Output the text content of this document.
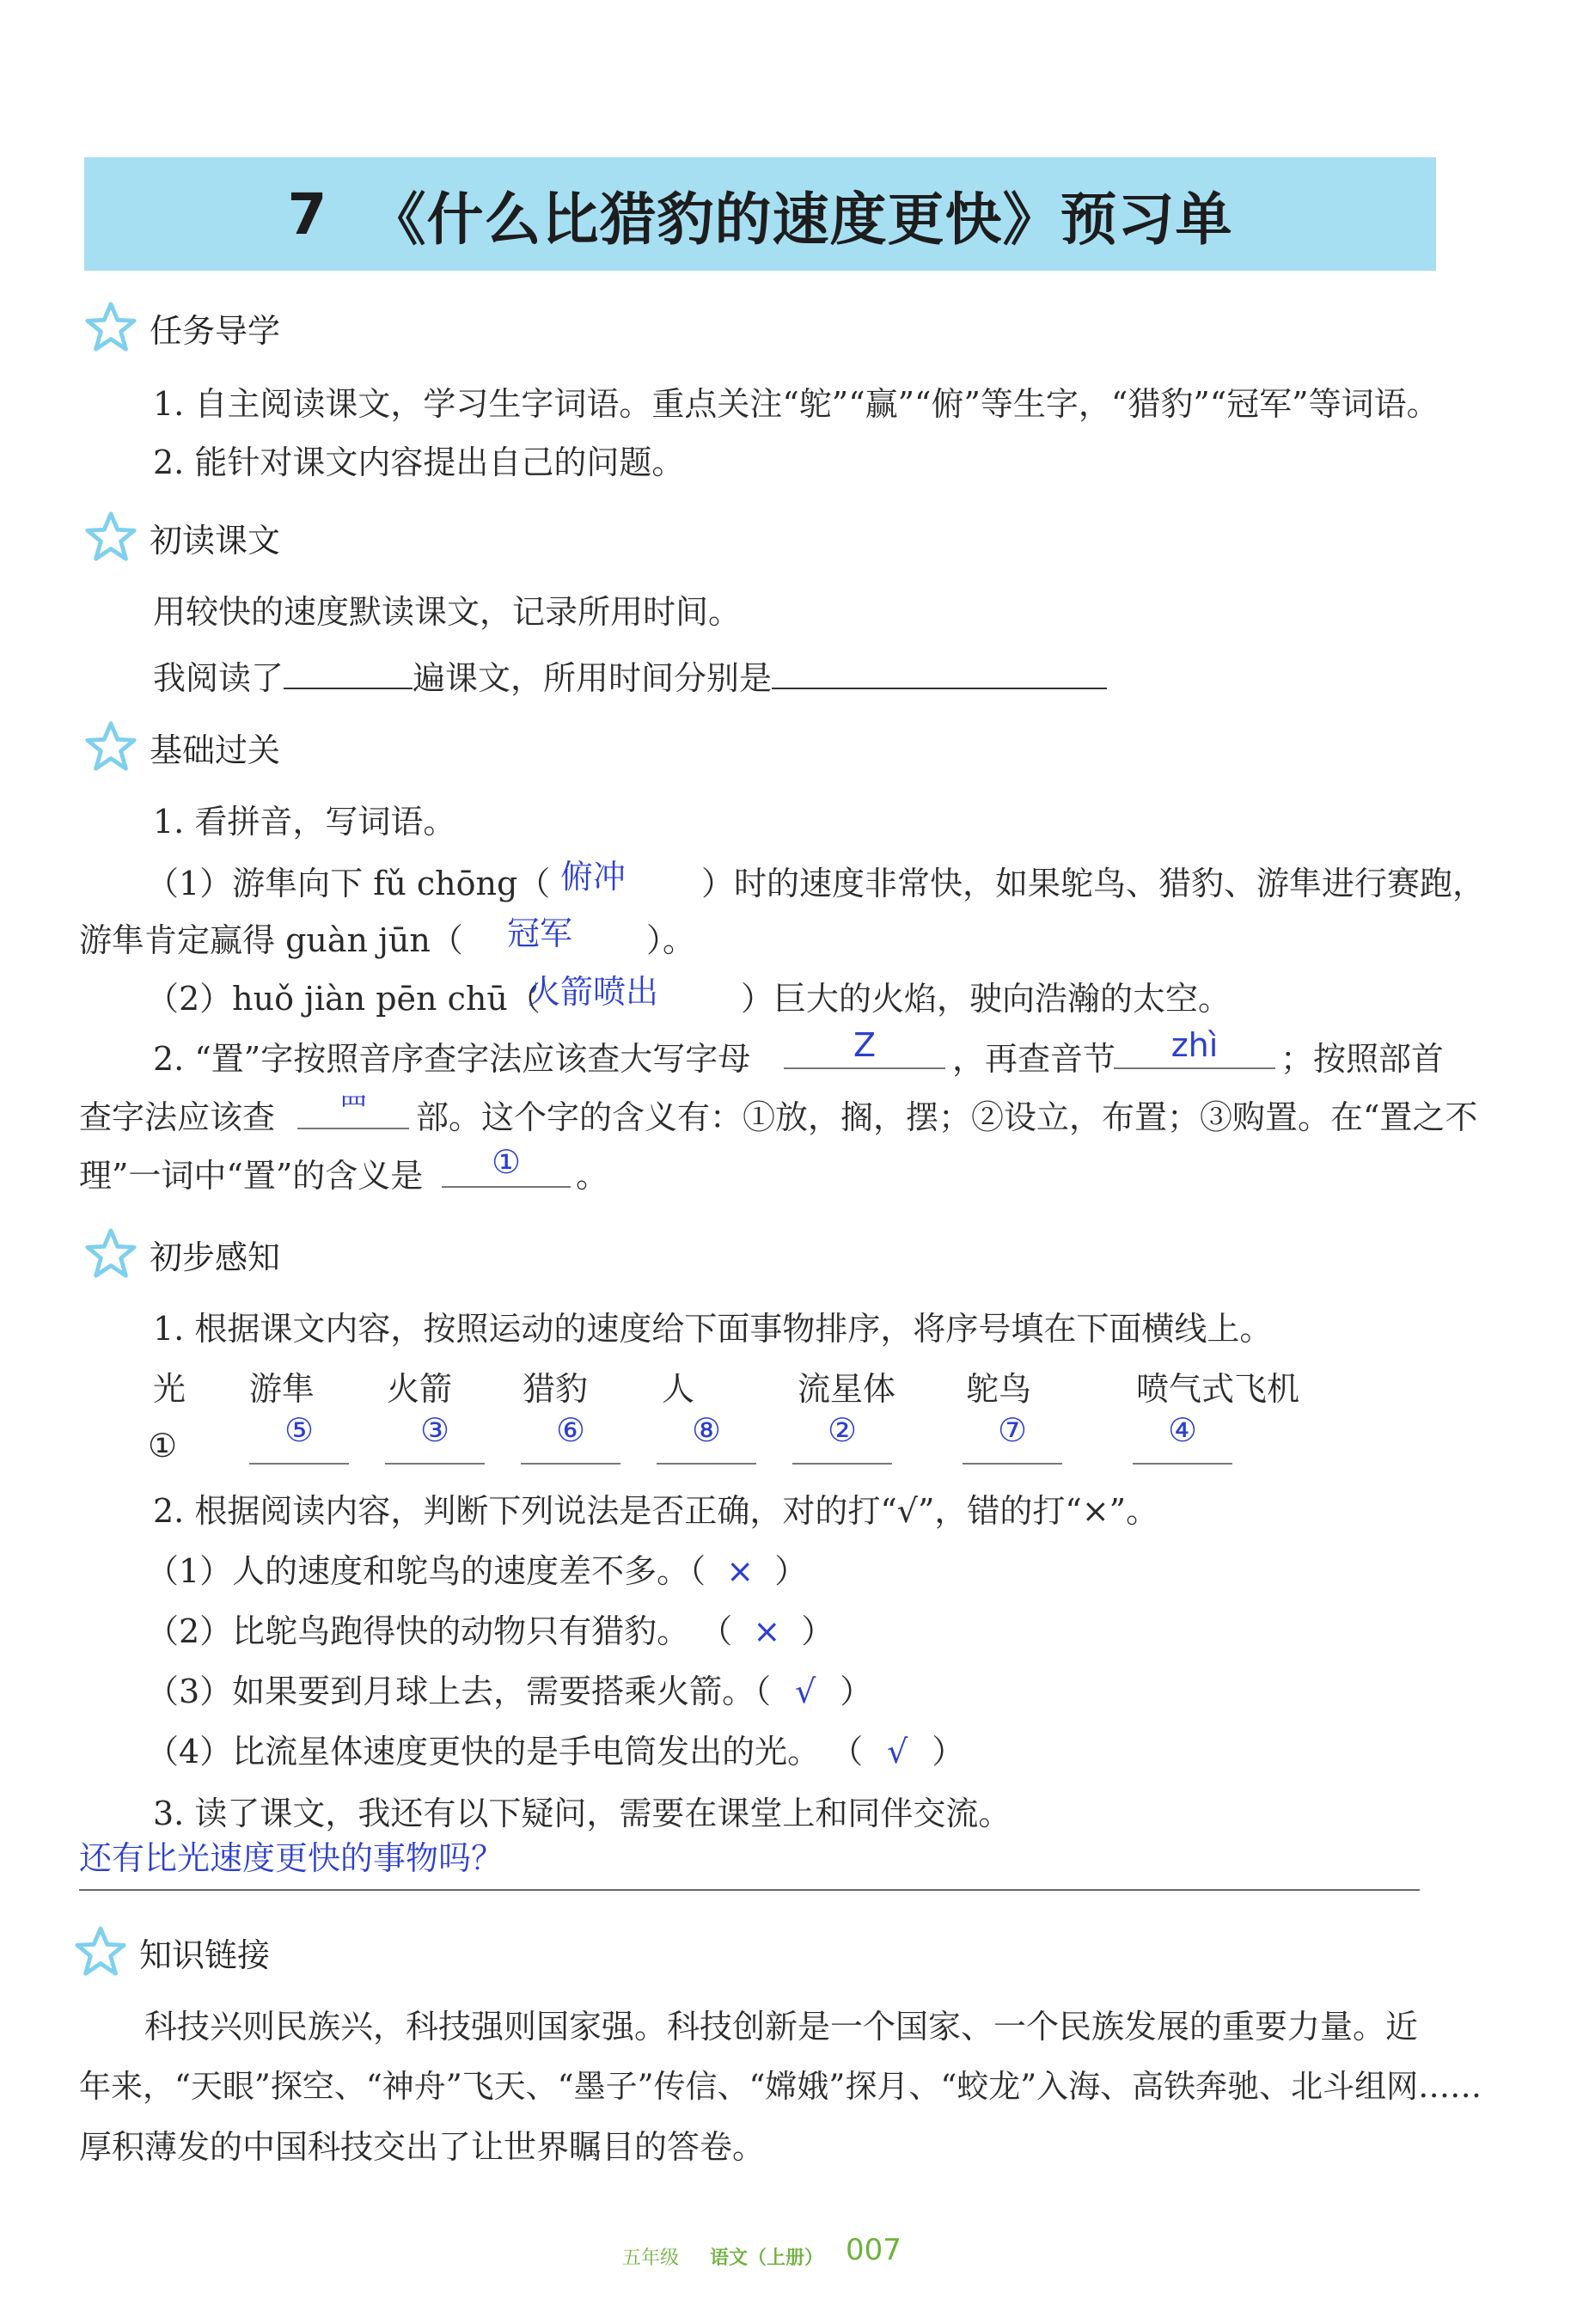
7 《什么比猎豹的速度更快》预习单
任务导学
1. 自主阅读课文，学习生字词语。重点关注“鸵”“赢”“俯”等生字，“猎豹”“冠军”等词语。
2. 能针对课文内容提出自己的问题。
初读课文
用较快的速度默读课文，记录所用时间。
我阅读了	遍课文，所用时间分别是
基础过关
1. 看拼音，写词语。
（1）游隼向下 fǔ chōng（ 俯冲 ）时的速度非常快，如果鸵鸟、猎豹、游隼进行赛跑，
游隼肯定赢得 guàn jūn（ 冠军 ）。
（2）huǒ jiàn pēn chū（
火箭喷出	）巨大的火焰，驶向浩瀚的太空。
2. “置”字按照音序查字法应该查大写字母	Z	，再查音节	zhì	；按照部首
查字法应该查	罒	部。这个字的含义有：①放，搁，摆；②设立，布置；③购置。在“置之不
理”一词中“置”的含义是	①	。
初步感知
1. 根据课文内容，按照运动的速度给下面事物排序，将序号填在下面横线上。
光 游隼 火箭 猎豹 人	流星体 鸵鸟	喷气式飞机
①	⑤	③	⑥	⑧	②	⑦	④
2. 根据阅读内容，判断下列说法是否正确，对的打“√”，错的打“×”。
（1）人的速度和鸵鸟的速度差不多。（ × ）
（2）比鸵鸟跑得快的动物只有猎豹。 （ × ）
（3）如果要到月球上去，需要搭乘火箭。（ √ ）
（4）比流星体速度更快的是手电筒发出的光。 （ √ ）
3. 读了课文，我还有以下疑问，需要在课堂上和同伴交流。
还有比光速度更快的事物吗？
知识链接
科技兴则民族兴，科技强则国家强。科技创新是一个国家、一个民族发展的重要力量。近
年来，“天眼”探空、“神舟”飞天、“墨子”传信、“嫦娥”探月、“蛟龙”入海、高铁奔驰、北斗组网……
厚积薄发的中国科技交出了让世界瞩目的答卷。
五年级 语文（上册） 007
